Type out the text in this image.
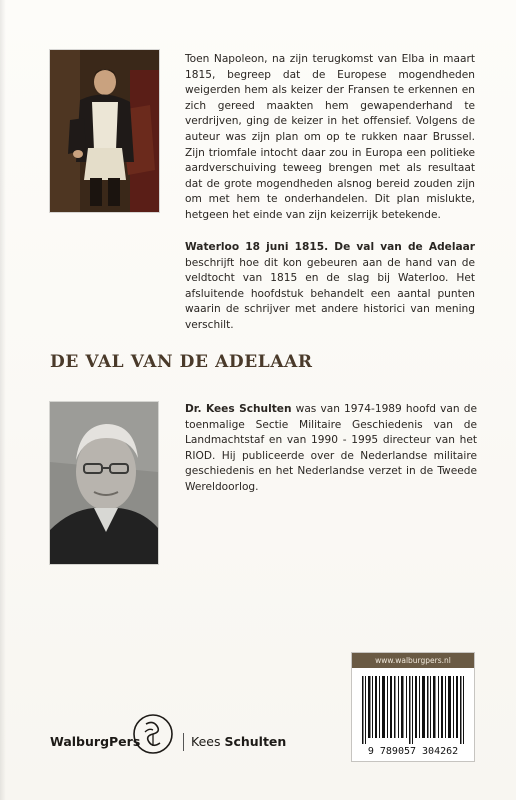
Toen Napoleon, na zijn terugkomst van Elba in maart 1815, begreep dat de Europese mogendheden weigerden hem als keizer der Fransen te erkennen en zich gereed maakten hem gewapenderhand te verdrijven, ging de keizer in het offensief. Volgens de auteur was zijn plan om op te rukken naar Brussel. Zijn triomfale intocht daar zou in Europa een politieke aardverschuiving teweeg brengen met als resultaat dat de grote mogendheden alsnog bereid zouden zijn om met hem te onderhandelen. Dit plan mislukte, hetgeen het einde van zijn keizerrijk betekende.

Waterloo 18 juni 1815. De val van de Adelaar beschrijft hoe dit kon gebeuren aan de hand van de veldtocht van 1815 en de slag bij Waterloo. Het afsluitende hoofdstuk behandelt een aantal punten waarin de schrijver met andere historici van mening verschilt.

DE VAL VAN DE ADELAAR

Dr. Kees Schulten was van 1974-1989 hoofd van de toenmalige Sectie Militaire Geschiedenis van de Landmachtstaf en van 1990 - 1995 directeur van het RIOD. Hij publiceerde over de Nederlandse militaire geschiedenis en het Nederlandse verzet in de Tweede Wereldoorlog.

www.walburgpers.nl
9 789057 304262
WalburgPers	Kees Schulten
